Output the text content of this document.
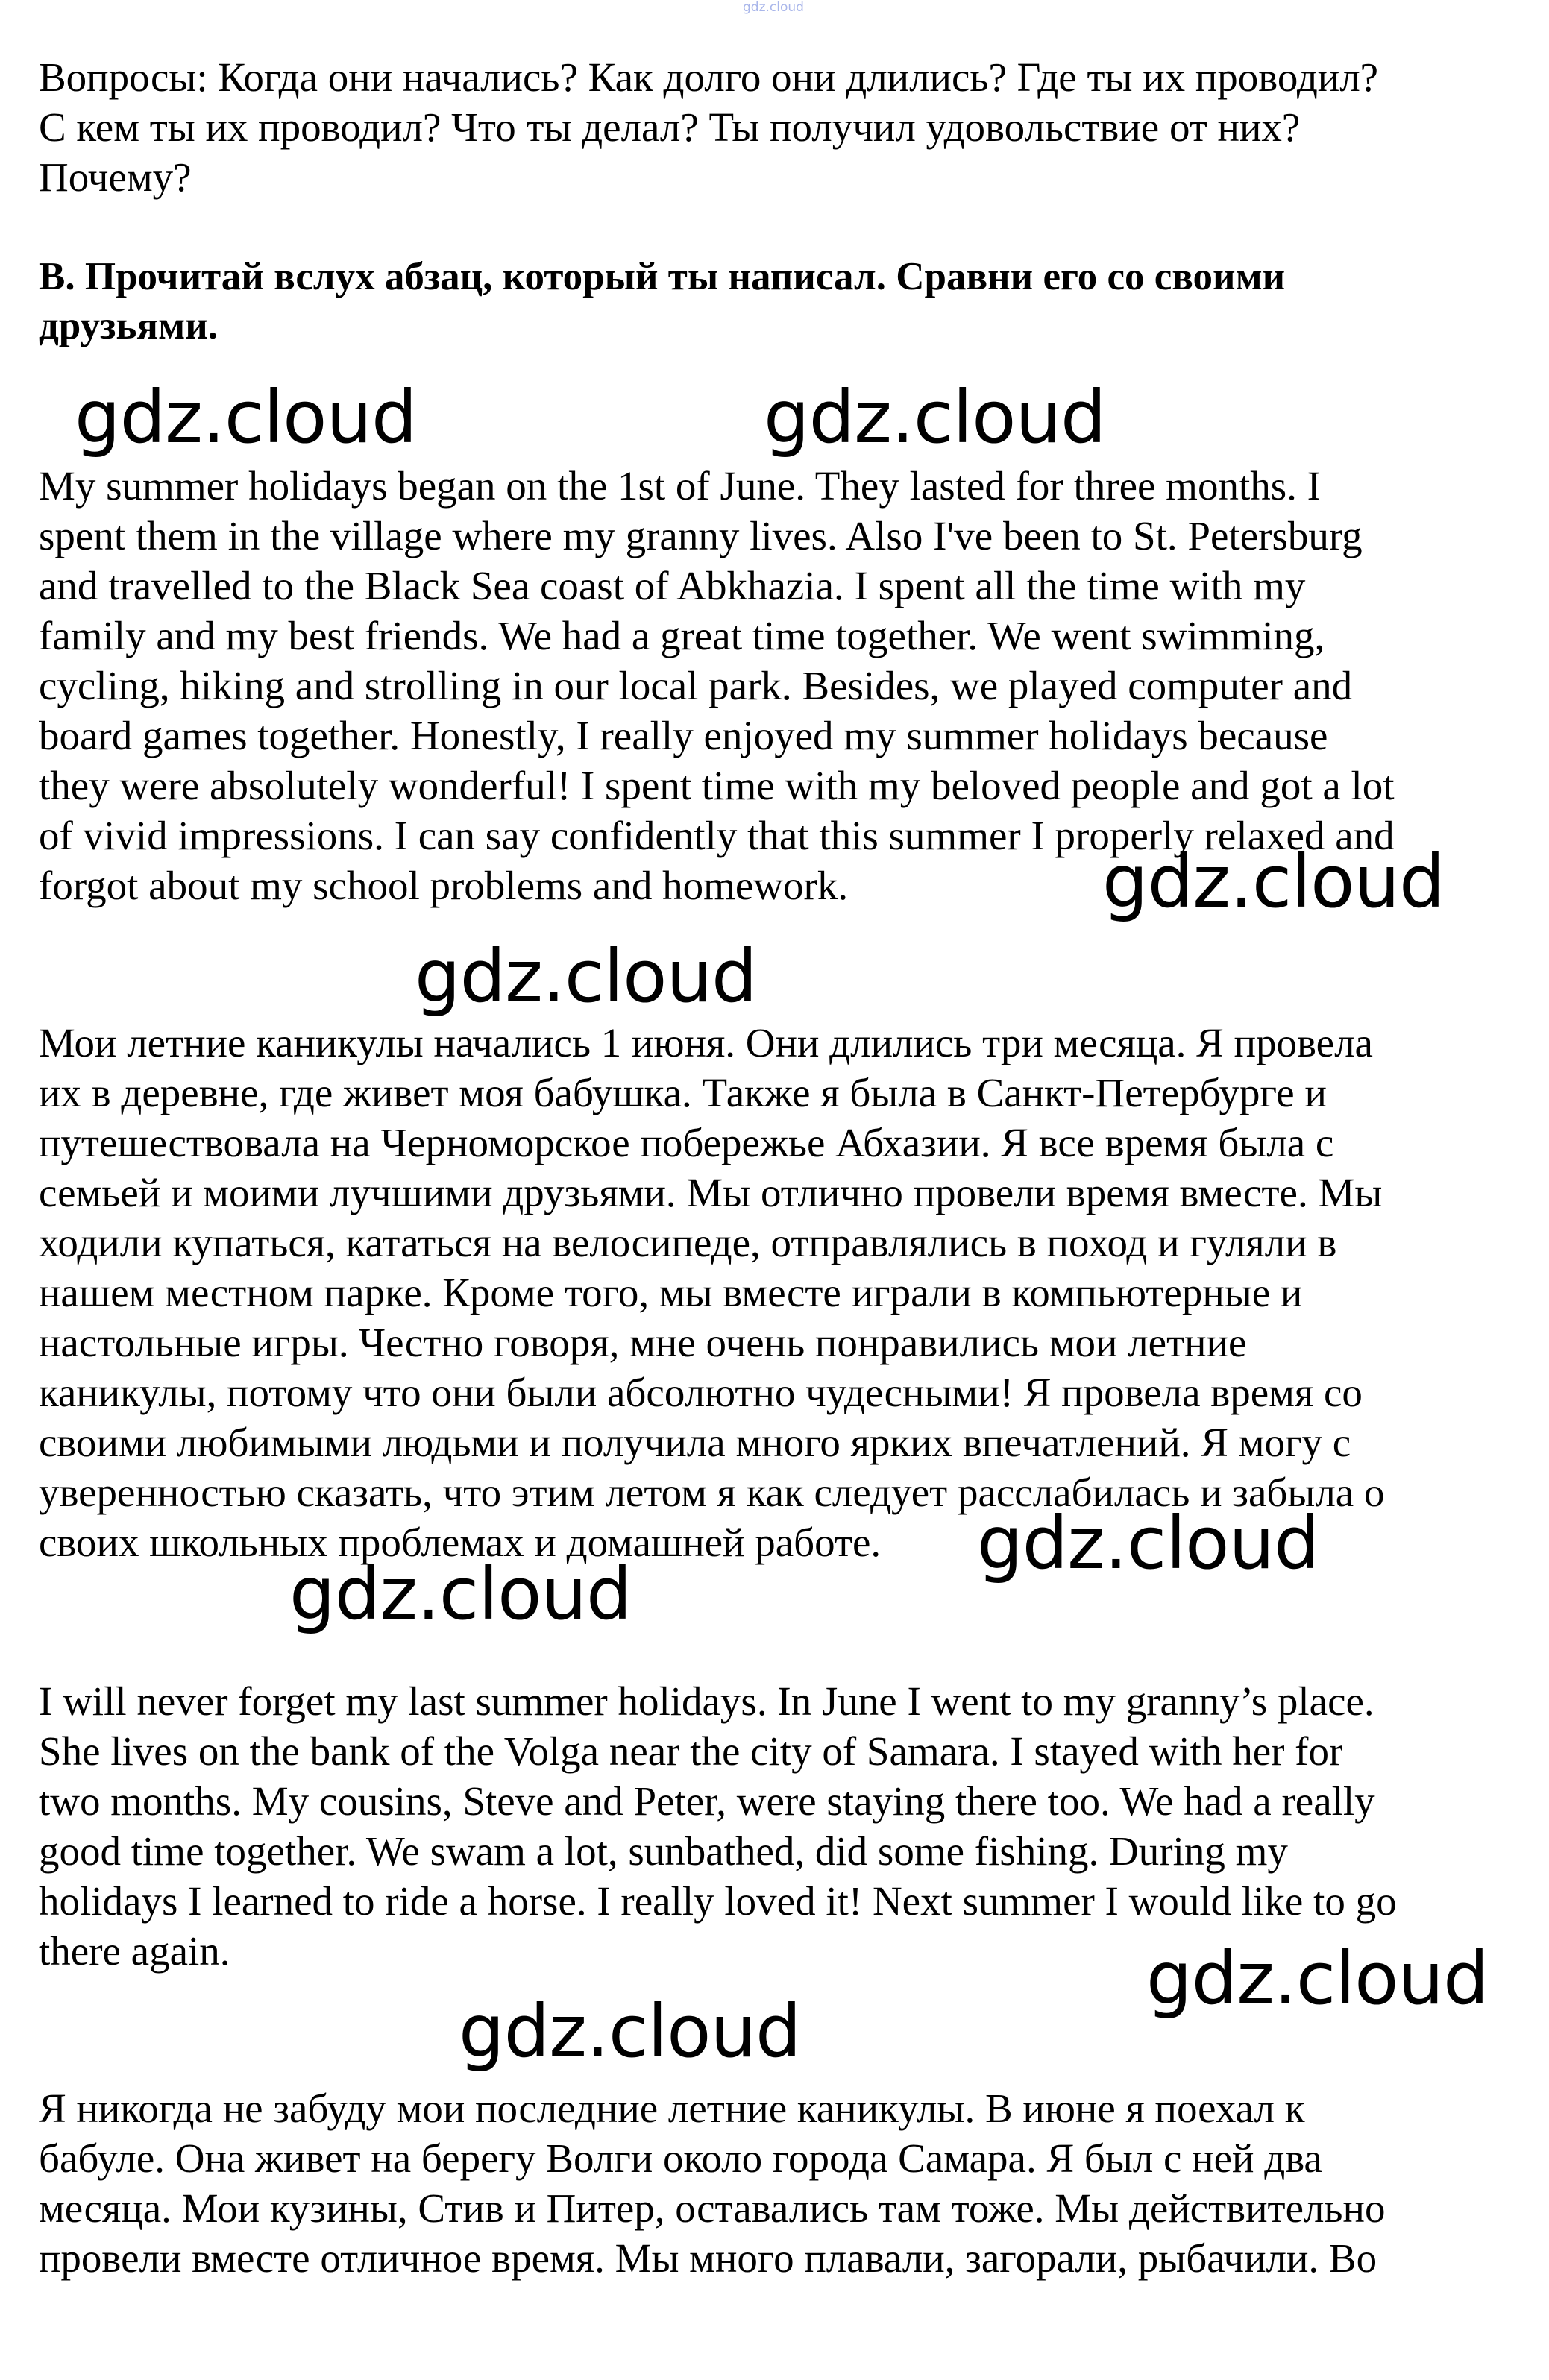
gdz.cloud

Вопросы: Когда они начались? Как долго они длились? Где ты их проводил?
С кем ты их проводил? Что ты делал? Ты получил удовольствие от них?
Почему?

B. Прочитай вслух абзац, который ты написал. Сравни его со своими
друзьями.

gdz.cloud	gdz.cloud

My summer holidays began on the 1st of June. They lasted for three months. I
spent them in the village where my granny lives. Also I've been to St. Petersburg
and travelled to the Black Sea coast of Abkhazia. I spent all the time with my
family and my best friends. We had a great time together. We went swimming,
cycling, hiking and strolling in our local park. Besides, we played computer and
board games together. Honestly, I really enjoyed my summer holidays because
they were absolutely wonderful! I spent time with my beloved people and got a lot
of vivid impressions. I can say confidently that this summer I properly relaxed and
forgot about my school problems and homework.	gdz.cloud
gdz.cloud

Мои летние каникулы начались 1 июня. Они длились три месяца. Я провела
их в деревне, где живет моя бабушка. Также я была в Санкт-Петербурге и
путешествовала на Черноморское побережье Абхазии. Я все время была с
семьей и моими лучшими друзьями. Мы отлично провели время вместе. Мы
ходили купаться, кататься на велосипеде, отправлялись в поход и гуляли в
нашем местном парке. Кроме того, мы вместе играли в компьютерные и
настольные игры. Честно говоря, мне очень понравились мои летние
каникулы, потому что они были абсолютно чудесными! Я провела время со
своими любимыми людьми и получила много ярких впечатлений. Я могу с
уверенностью сказать, что этим летом я как следует расслабилась и забыла о
своих школьных проблемах и домашней работе.	gdz.cloud
gdz.cloud

I will never forget my last summer holidays. In June I went to my granny’s place.
She lives on the bank of the Volga near the city of Samara. I stayed with her for
two months. My cousins, Steve and Peter, were staying there too. We had a really
good time together. We swam a lot, sunbathed, did some fishing. During my
holidays I learned to ride a horse. I really loved it! Next summer I would like to go
there again.	gdz.cloud
gdz.cloud

Я никогда не забуду мои последние летние каникулы. В июне я поехал к
бабуле. Она живет на берегу Волги около города Самара. Я был с ней два
месяца. Мои кузины, Стив и Питер, оставались там тоже. Мы действительно
провели вместе отличное время. Мы много плавали, загорали, рыбачили. Во
